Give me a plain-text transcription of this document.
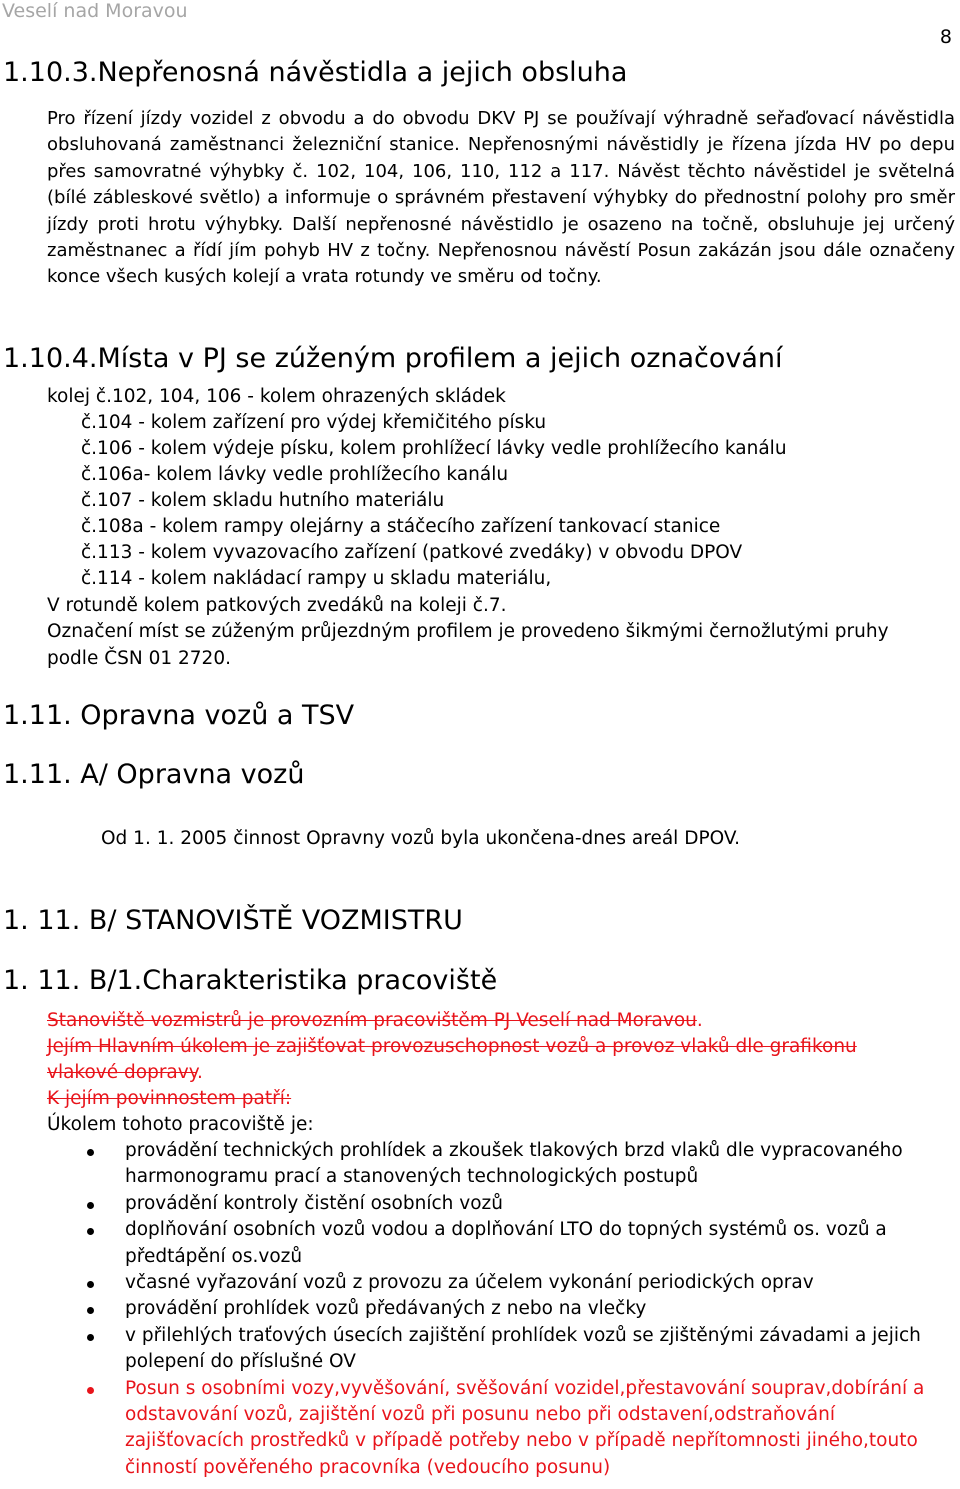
Veselí nad Moravou
8
1.10.3.Nepřenosná návěstidla a jejich obsluha
Pro řízení jízdy vozidel z obvodu a do obvodu DKV PJ se používají výhradně seřaďovací návěstidla obsluhovaná zaměstnanci železniční stanice. Nepřenosnými návěstidly je řízena jízda HV po depu přes samovratné výhybky č. 102, 104, 106, 110, 112 a 117. Návěst těchto návěstidel je světelná (bílé zábleskové světlo) a informuje o správném přestavení výhybky do přednostní polohy pro směr jízdy proti hrotu výhybky. Další nepřenosné návěstidlo je osazeno na točně, obsluhuje jej určený zaměstnanec a řídí jím pohyb HV z točny. Nepřenosnou návěstí Posun zakázán jsou dále označeny konce všech kusých kolejí a vrata rotundy ve směru od točny.
1.10.4.Místa v PJ se zúženým profilem a jejich označování
kolej č.102, 104, 106 - kolem ohrazených skládek
č.104 - kolem zařízení pro výdej křemičitého písku
č.106 - kolem výdeje písku, kolem prohlížecí lávky vedle prohlížecího kanálu
č.106a- kolem lávky vedle prohlížecího kanálu
č.107 - kolem skladu hutního materiálu
č.108a - kolem rampy olejárny a stáčecího zařízení tankovací stanice
č.113 - kolem vyvazovacího zařízení (patkové zvedáky) v obvodu DPOV
č.114 - kolem nakládací rampy u skladu materiálu,
V rotundě kolem patkových zvedáků na koleji č.7.
Označení míst se zúženým průjezdným profilem je provedeno šikmými černožlutými pruhy
podle ČSN 01 2720.
1.11. Opravna vozů a TSV
1.11. A/ Opravna vozů
Od 1. 1. 2005 činnost Opravny vozů byla ukončena-dnes areál DPOV.
1. 11. B/ STANOVIŠTĚ VOZMISTRU
1. 11. B/1.Charakteristika pracoviště
Stanoviště vozmistrů je provozním pracovištěm PJ Veselí nad Moravou.
Jejím Hlavním úkolem je zajišťovat provozuschopnost vozů a provoz vlaků dle grafikonu
vlakové dopravy.
K jejím povinnostem patří:
Úkolem tohoto pracoviště je:
provádění technických prohlídek a zkoušek tlakových brzd vlaků dle vypracovaného harmonogramu prací a stanovených technologických postupů
provádění kontroly čistění osobních vozů
doplňování osobních vozů vodou a doplňování LTO do topných systémů os. vozů a předtápění os.vozů
včasné vyřazování vozů z provozu za účelem vykonání periodických oprav
provádění prohlídek vozů předávaných z nebo na vlečky
v přilehlých traťových úsecích zajištění prohlídek vozů se zjištěnými závadami a jejich polepení do příslušné OV
Posun s osobními vozy,vyvěšování, svěšování vozidel,přestavování souprav,dobírání a odstavování vozů, zajištění vozů při posunu nebo při odstavení,odstraňování zajišťovacích prostředků v případě potřeby nebo v případě nepřítomnosti jiného,touto činností pověřeného pracovníka (vedoucího posunu)
